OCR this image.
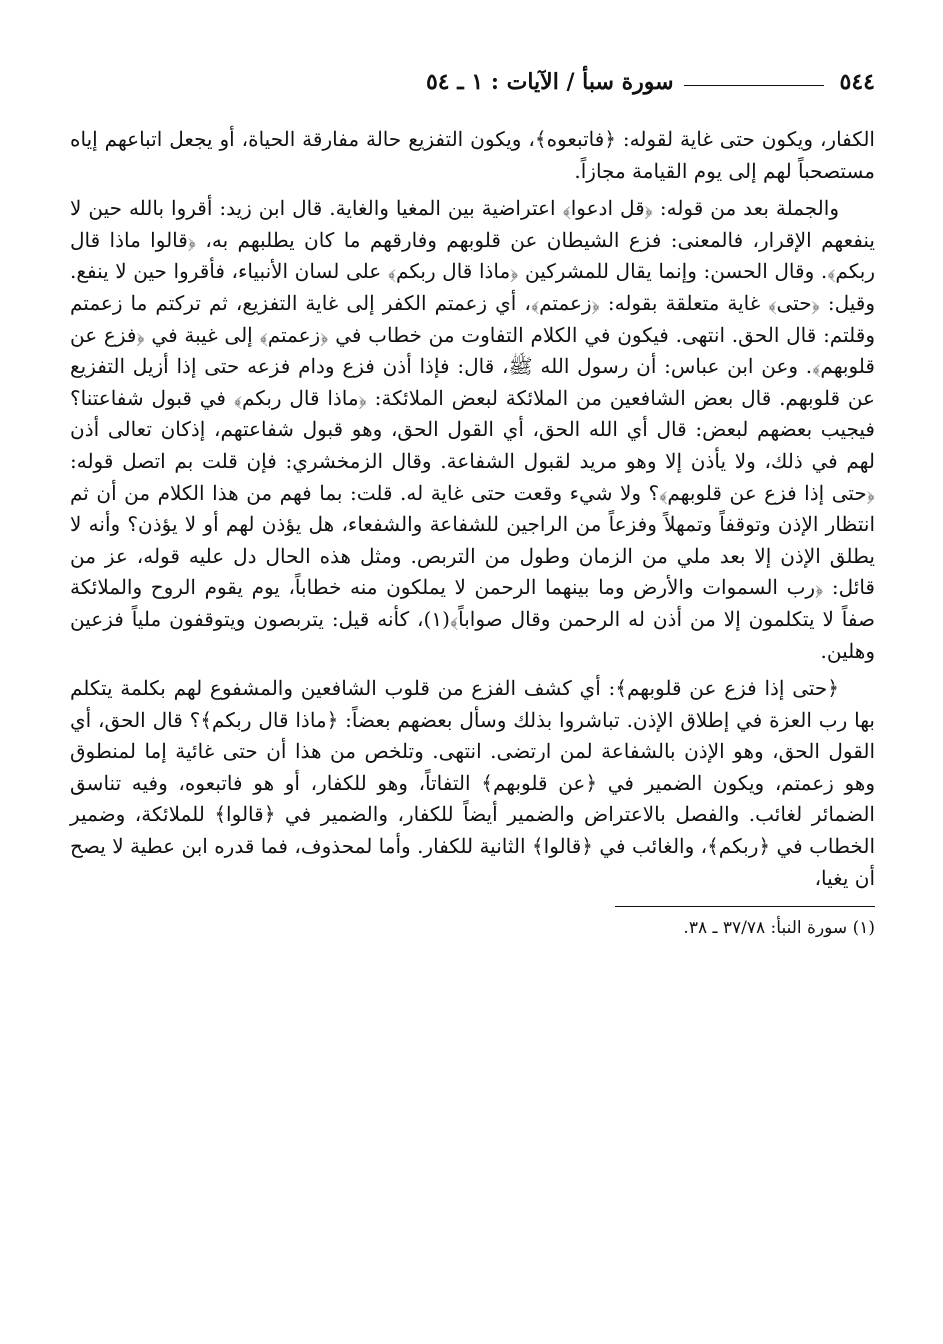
٥٤٤
سورة سبأ / الآيات : ١ ـ ٥٤

الكفار، ويكون حتى غاية لقوله: ﴿فاتبعوه﴾، ويكون التفزيع حالة مفارقة الحياة، أو يجعل اتباعهم إياه مستصحباً لهم إلى يوم القيامة مجازاً.

والجملة بعد من قوله: ﴿قل ادعوا﴾ اعتراضية بين المغيا والغاية. قال ابن زيد: أقروا بالله حين لا ينفعهم الإقرار، فالمعنى: فزع الشيطان عن قلوبهم وفارقهم ما كان يطلبهم به، ﴿قالوا ماذا قال ربكم﴾. وقال الحسن: وإنما يقال للمشركين ﴿ماذا قال ربكم﴾ على لسان الأنبياء، فأقروا حين لا ينفع. وقيل: ﴿حتى﴾ غاية متعلقة بقوله: ﴿زعمتم﴾، أي زعمتم الكفر إلى غاية التفزيع، ثم تركتم ما زعمتم وقلتم: قال الحق. انتهى. فيكون في الكلام التفاوت من خطاب في ﴿زعمتم﴾ إلى غيبة في ﴿فزع عن قلوبهم﴾. وعن ابن عباس: أن رسول الله ﷺ، قال: فإذا أذن فزع ودام فزعه حتى إذا أزيل التفزيع عن قلوبهم. قال بعض الشافعين من الملائكة لبعض الملائكة: ﴿ماذا قال ربكم﴾ في قبول شفاعتنا؟ فيجيب بعضهم لبعض: قال أي الله الحق، أي القول الحق، وهو قبول شفاعتهم، إذكان تعالى أذن لهم في ذلك، ولا يأذن إلا وهو مريد لقبول الشفاعة. وقال الزمخشري: فإن قلت بم اتصل قوله: ﴿حتى إذا فزع عن قلوبهم﴾؟ ولا شيء وقعت حتى غاية له. قلت: بما فهم من هذا الكلام من أن ثم انتظار الإذن وتوقفاً وتمهلاً وفزعاً من الراجين للشفاعة والشفعاء، هل يؤذن لهم أو لا يؤذن؟ وأنه لا يطلق الإذن إلا بعد ملي من الزمان وطول من التربص. ومثل هذه الحال دل عليه قوله، عز من قائل: ﴿رب السموات والأرض وما بينهما الرحمن لا يملكون منه خطاباً، يوم يقوم الروح والملائكة صفاً لا يتكلمون إلا من أذن له الرحمن وقال صواباً﴾(١)، كأنه قيل: يتربصون ويتوقفون ملياً فزعين وهلين.

﴿حتى إذا فزع عن قلوبهم﴾: أي كشف الفزع من قلوب الشافعين والمشفوع لهم بكلمة يتكلم بها رب العزة في إطلاق الإذن. تباشروا بذلك وسأل بعضهم بعضاً: ﴿ماذا قال ربكم﴾؟ قال الحق، أي القول الحق، وهو الإذن بالشفاعة لمن ارتضى. انتهى. وتلخص من هذا أن حتى غائية إما لمنطوق وهو زعمتم، ويكون الضمير في ﴿عن قلوبهم﴾ التفاتاً، وهو للكفار، أو هو فاتبعوه، وفيه تناسق الضمائر لغائب. والفصل بالاعتراض والضمير أيضاً للكفار، والضمير في ﴿قالوا﴾ للملائكة، وضمير الخطاب في ﴿ربكم﴾، والغائب في ﴿قالوا﴾ الثانية للكفار. وأما لمحذوف، فما قدره ابن عطية لا يصح أن يغيا،

(١) سورة النبأ: ٣٧/٧٨ ـ ٣٨.
